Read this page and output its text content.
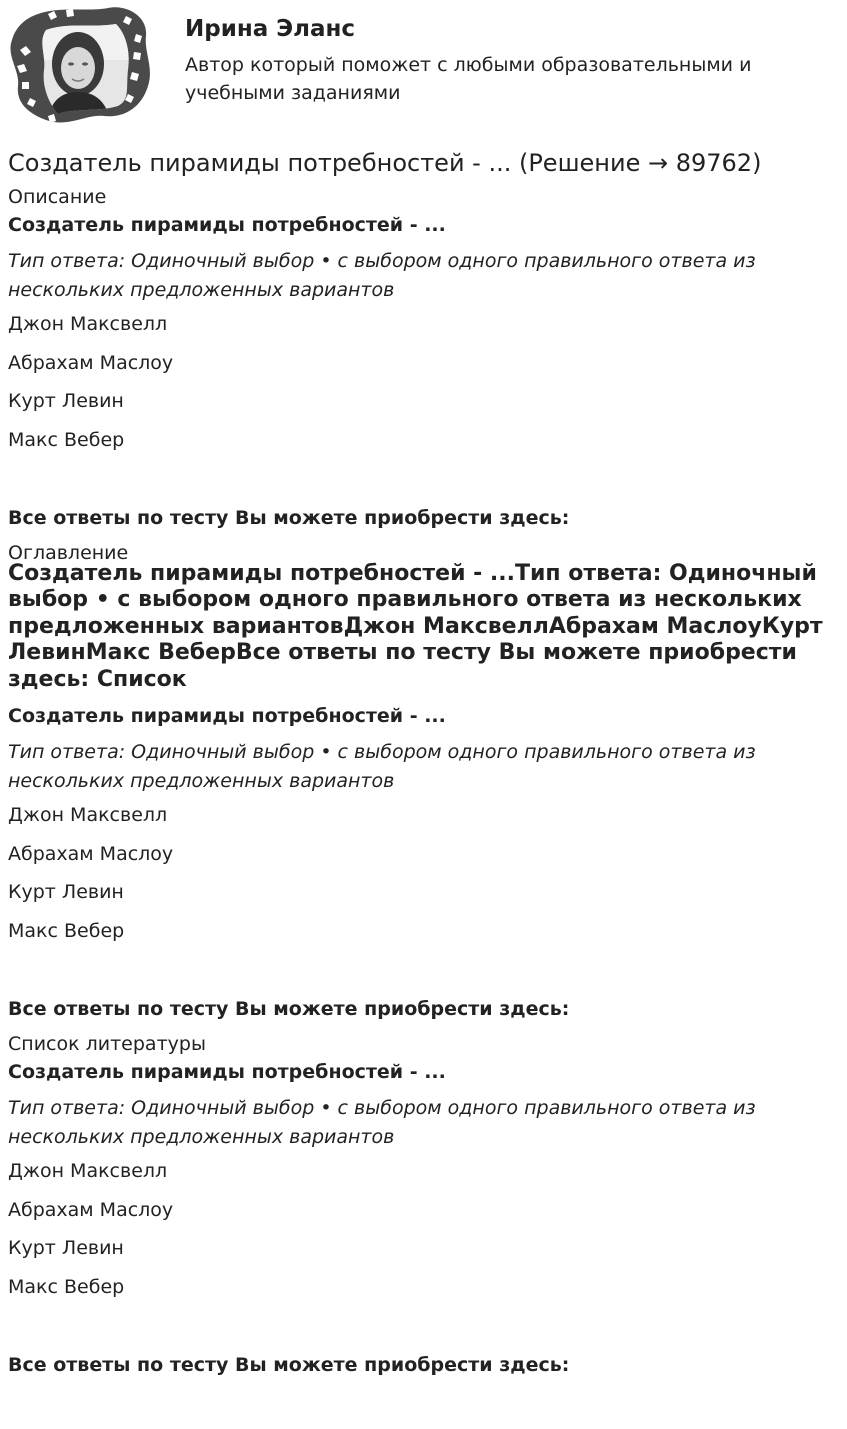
Ирина Эланс
Автор который поможет с любыми образовательными и учебными заданиями
Создатель пирамиды потребностей - ... (Решение → 89762)
Описание
Создатель пирамиды потребностей - ...
Тип ответа: Одиночный выбор • с выбором одного правильного ответа из нескольких предложенных вариантов
Джон Максвелл
Абрахам Маслоу
Курт Левин
Макс Вебер
Все ответы по тесту Вы можете приобрести здесь:
Оглавление
Создатель пирамиды потребностей - ...Тип ответа: Одиночный выбор • с выбором одного правильного ответа из нескольких предложенных вариантовДжон МаксвеллАбрахам МаслоуКурт ЛевинМакс ВеберВсе ответы по тесту Вы можете приобрести здесь: Список
Создатель пирамиды потребностей - ...
Тип ответа: Одиночный выбор • с выбором одного правильного ответа из нескольких предложенных вариантов
Джон Максвелл
Абрахам Маслоу
Курт Левин
Макс Вебер
Все ответы по тесту Вы можете приобрести здесь:
Список литературы
Создатель пирамиды потребностей - ...
Тип ответа: Одиночный выбор • с выбором одного правильного ответа из нескольких предложенных вариантов
Джон Максвелл
Абрахам Маслоу
Курт Левин
Макс Вебер
Все ответы по тесту Вы можете приобрести здесь:
